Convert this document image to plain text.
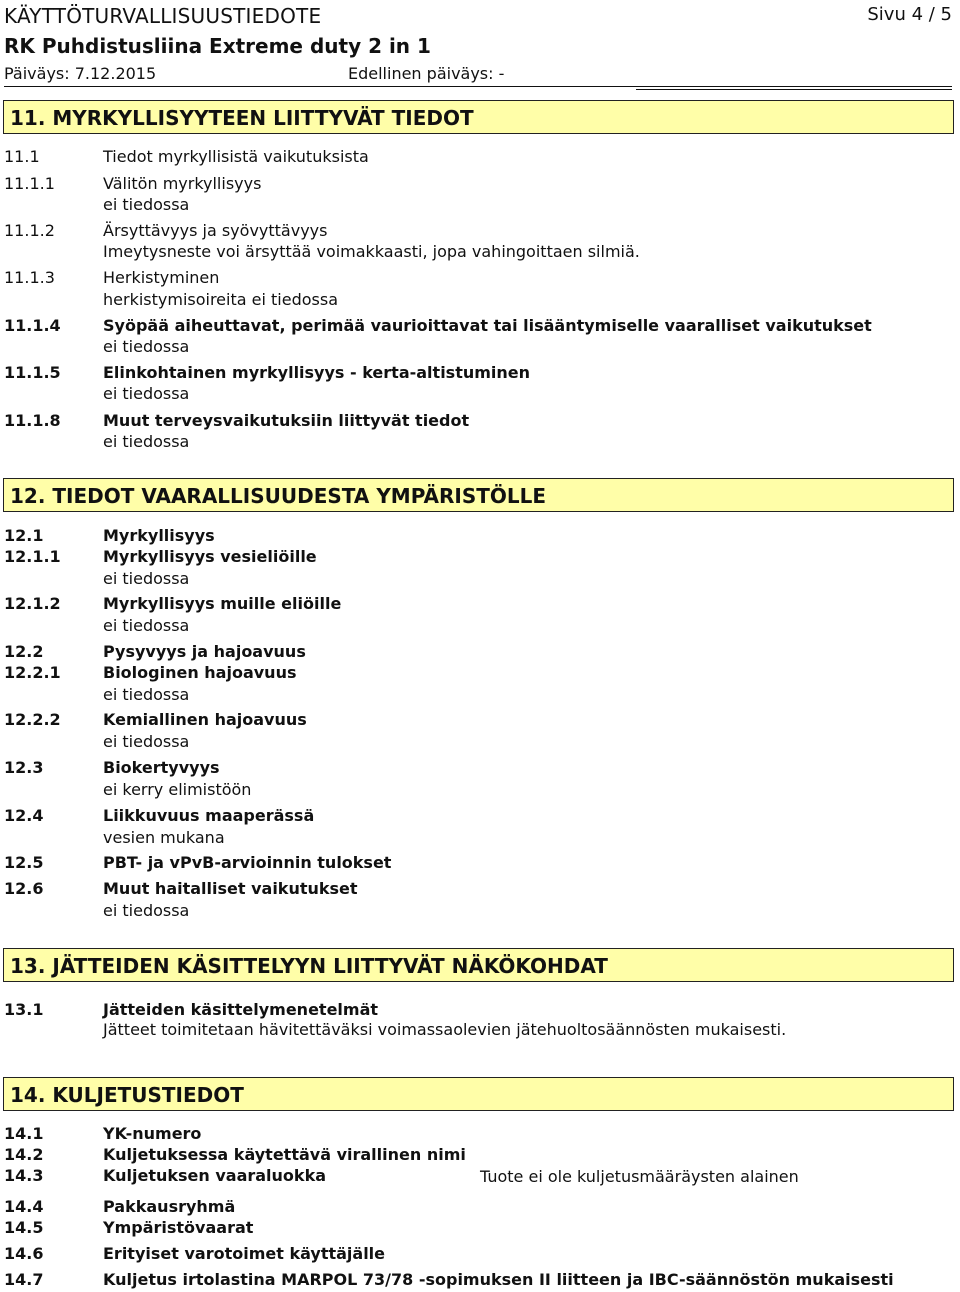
KÄYTTÖTURVALLISUUSTIEDOTE	Sivu 4 / 5
RK Puhdistusliina Extreme duty 2 in 1
Päiväys: 7.12.2015	Edellinen päiväys: -
11. MYRKYLLISYYTEEN LIITTYVÄT TIEDOT
11.1	Tiedot myrkyllisistä vaikutuksista
11.1.1	Välitön myrkyllisyys
ei tiedossa
11.1.2	Ärsyttävyys ja syövyttävyys
Imeytysneste voi ärsyttää voimakkaasti, jopa vahingoittaen silmiä.
11.1.3	Herkistyminen
herkistymisoireita ei tiedossa
11.1.4	Syöpää aiheuttavat, perimää vaurioittavat tai lisääntymiselle vaaralliset vaikutukset
ei tiedossa
11.1.5	Elinkohtainen myrkyllisyys - kerta-altistuminen
ei tiedossa
11.1.8	Muut terveysvaikutuksiin liittyvät tiedot
ei tiedossa
12. TIEDOT VAARALLISUUDESTA YMPÄRISTÖLLE
12.1	Myrkyllisyys
12.1.1	Myrkyllisyys vesieliöille
ei tiedossa
12.1.2	Myrkyllisyys muille eliöille
ei tiedossa
12.2	Pysyvyys ja hajoavuus
12.2.1	Biologinen hajoavuus
ei tiedossa
12.2.2	Kemiallinen hajoavuus
ei tiedossa
12.3	Biokertyvyys
ei kerry elimistöön
12.4	Liikkuvuus maaperässä
vesien mukana
12.5	PBT- ja vPvB-arvioinnin tulokset
12.6	Muut haitalliset vaikutukset
ei tiedossa
13. JÄTTEIDEN KÄSITTELYYN LIITTYVÄT NÄKÖKOHDAT
13.1	Jätteiden käsittelymenetelmät
Jätteet toimitetaan hävitettäväksi voimassaolevien jätehuoltosäännösten mukaisesti.
14. KULJETUSTIEDOT
14.1	YK-numero
14.2	Kuljetuksessa käytettävä virallinen nimi
14.3	Kuljetuksen vaaraluokka	Tuote ei ole kuljetusmääräysten alainen
14.4	Pakkausryhmä
14.5	Ympäristövaarat
14.6	Erityiset varotoimet käyttäjälle
14.7	Kuljetus irtolastina MARPOL 73/78 -sopimuksen II liitteen ja IBC-säännöstön mukaisesti
